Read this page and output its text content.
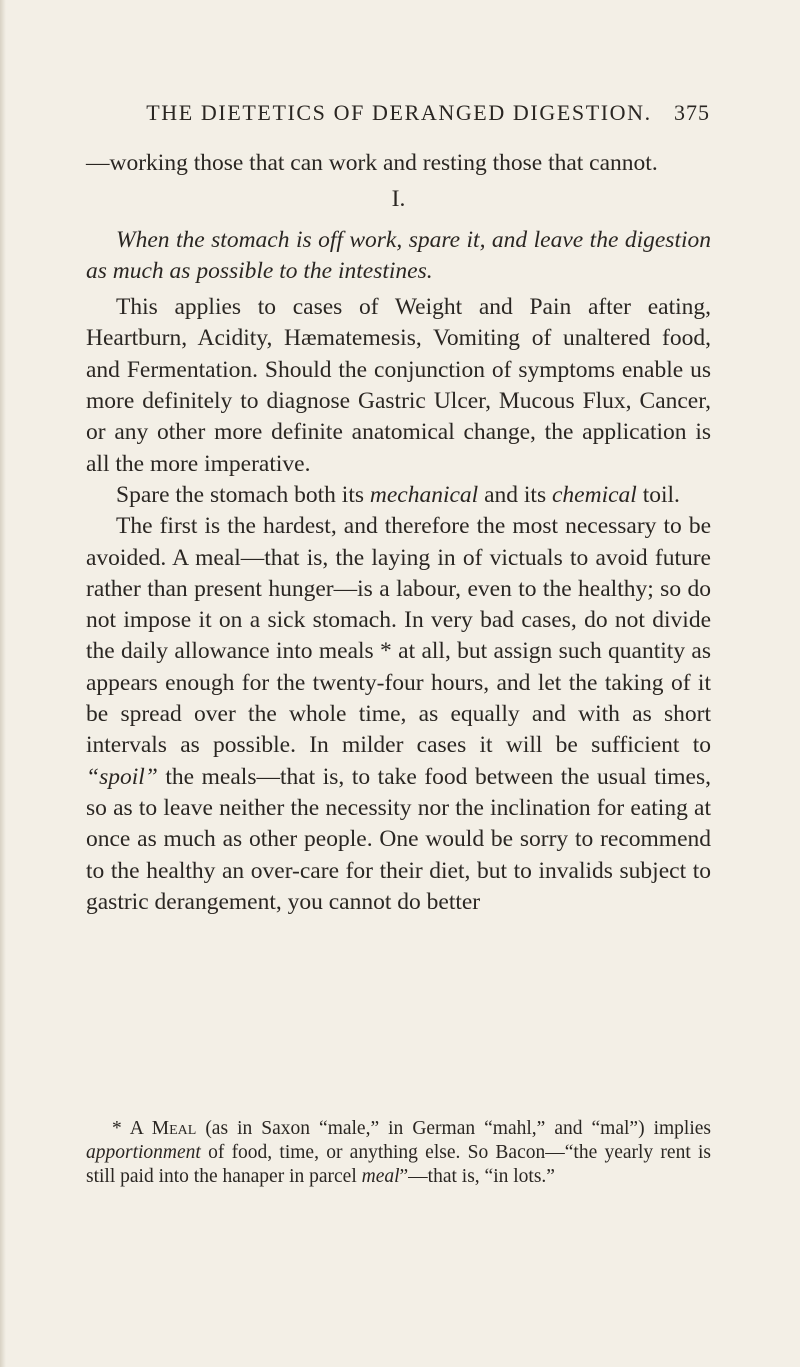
THE DIETETICS OF DERANGED DIGESTION. 375

—working those that can work and resting those that cannot.

I.

When the stomach is off work, spare it, and leave the digestion as much as possible to the intestines.

This applies to cases of Weight and Pain after eating, Heartburn, Acidity, Hæmatemesis, Vomiting of unaltered food, and Fermentation. Should the conjunction of symptoms enable us more definitely to diagnose Gastric Ulcer, Mucous Flux, Cancer, or any other more definite anatomical change, the application is all the more imperative.

Spare the stomach both its mechanical and its chemical toil.

The first is the hardest, and therefore the most necessary to be avoided. A meal—that is, the laying in of victuals to avoid future rather than present hunger—is a labour, even to the healthy; so do not impose it on a sick stomach. In very bad cases, do not divide the daily allowance into meals * at all, but assign such quantity as appears enough for the twenty-four hours, and let the taking of it be spread over the whole time, as equally and with as short intervals as possible. In milder cases it will be sufficient to “spoil” the meals—that is, to take food between the usual times, so as to leave neither the necessity nor the inclination for eating at once as much as other people. One would be sorry to recommend to the healthy an over-care for their diet, but to invalids subject to gastric derangement, you cannot do better

* A Meal (as in Saxon “male,” in German “mahl,” and “mal”) implies apportionment of food, time, or anything else. So Bacon—“the yearly rent is still paid into the hanaper in parcel meal”—that is, “in lots.”
